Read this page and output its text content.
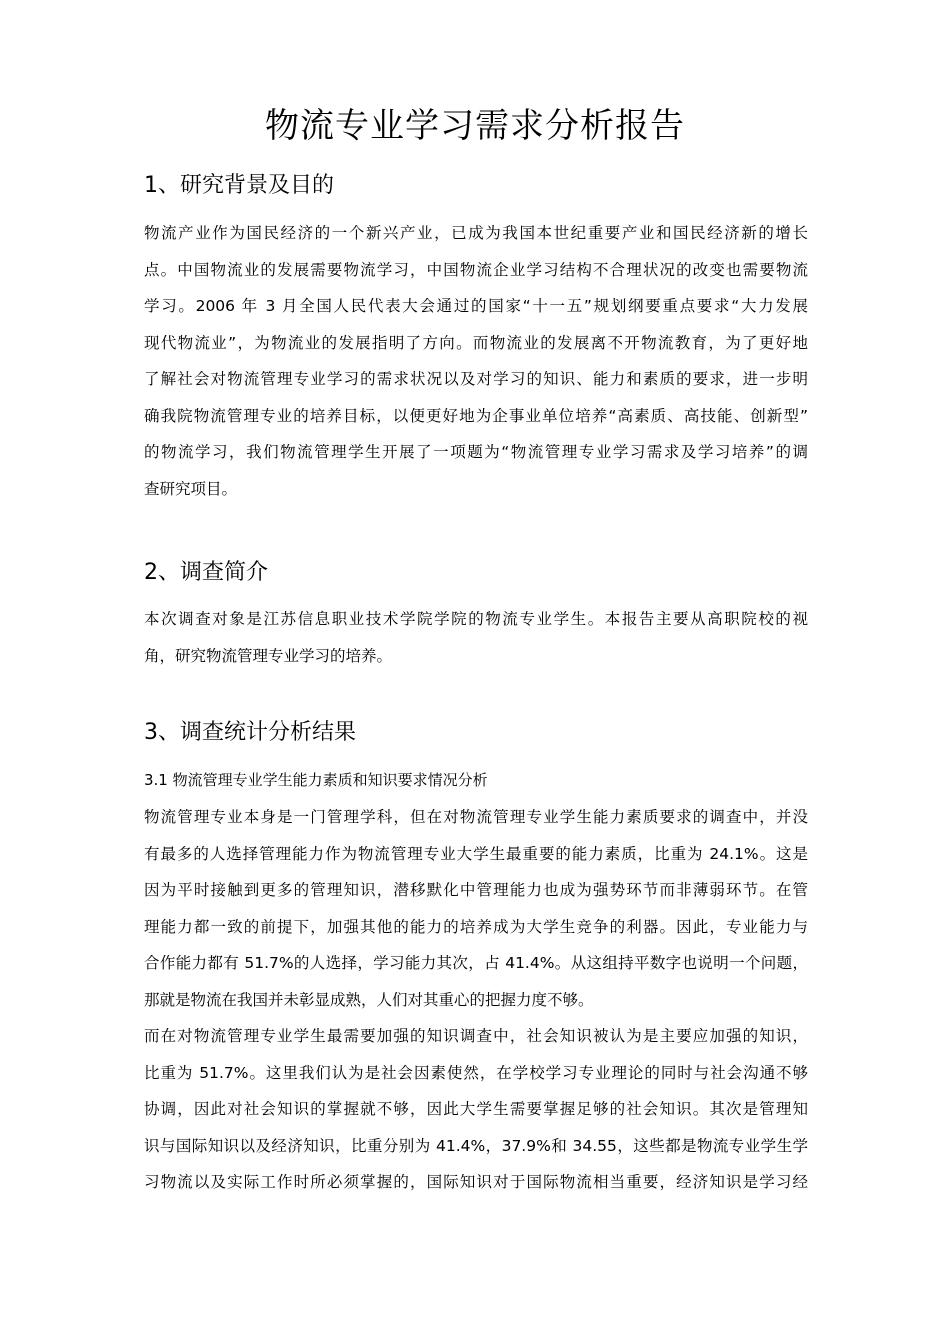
物流专业学习需求分析报告
1、研究背景及目的
物流产业作为国民经济的一个新兴产业，已成为我国本世纪重要产业和国民经济新的增长
点。中国物流业的发展需要物流学习，中国物流企业学习结构不合理状况的改变也需要物流
学习。2006 年 3 月全国人民代表大会通过的国家“十一五”规划纲要重点要求“大力发展
现代物流业”，为物流业的发展指明了方向。而物流业的发展离不开物流教育，为了更好地
了解社会对物流管理专业学习的需求状况以及对学习的知识、能力和素质的要求，进一步明
确我院物流管理专业的培养目标，以便更好地为企事业单位培养“高素质、高技能、创新型”
的物流学习，我们物流管理学生开展了一项题为“物流管理专业学习需求及学习培养”的调
查研究项目。
2、调查简介
本次调查对象是江苏信息职业技术学院学院的物流专业学生。本报告主要从高职院校的视
角，研究物流管理专业学习的培养。
3、调查统计分析结果
3.1 物流管理专业学生能力素质和知识要求情况分析
物流管理专业本身是一门管理学科，但在对物流管理专业学生能力素质要求的调查中，并没
有最多的人选择管理能力作为物流管理专业大学生最重要的能力素质，比重为 24.1%。这是
因为平时接触到更多的管理知识，潜移默化中管理能力也成为强势环节而非薄弱环节。在管
理能力都一致的前提下，加强其他的能力的培养成为大学生竞争的利器。因此，专业能力与
合作能力都有 51.7%的人选择，学习能力其次，占 41.4%。从这组持平数字也说明一个问题，
那就是物流在我国并未彰显成熟，人们对其重心的把握力度不够。
而在对物流管理专业学生最需要加强的知识调查中，社会知识被认为是主要应加强的知识，
比重为 51.7%。这里我们认为是社会因素使然，在学校学习专业理论的同时与社会沟通不够
协调，因此对社会知识的掌握就不够，因此大学生需要掌握足够的社会知识。其次是管理知
识与国际知识以及经济知识，比重分别为 41.4%，37.9%和 34.55，这些都是物流专业学生学
习物流以及实际工作时所必须掌握的，国际知识对于国际物流相当重要，经济知识是学习经
